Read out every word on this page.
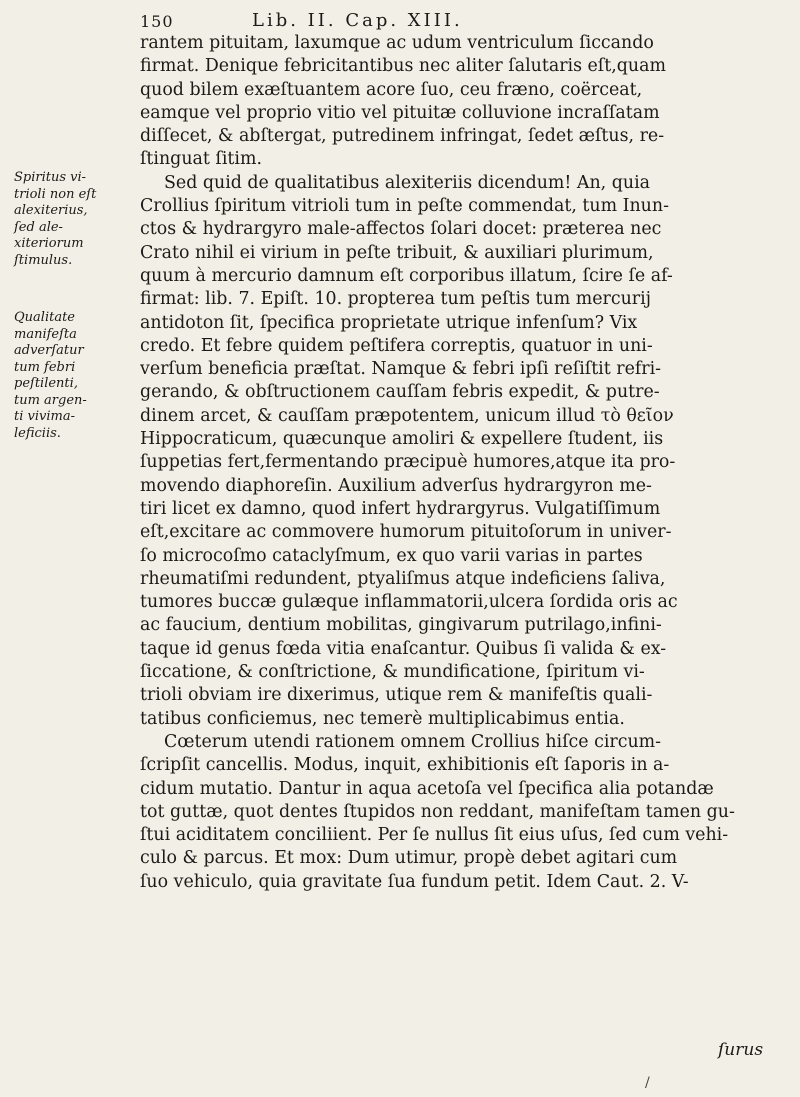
150	Lib. II. Cap. XIII.
rantem pituitam, laxumque ac udum ventriculum ſiccando
firmat. Denique febricitantibus nec aliter ſalutaris eſt,quam
quod bilem exæſtuantem acore ſuo, ceu fræno, coërceat,
eamque vel proprio vitio vel pituitæ colluvione incraſſatam
diſſecet, & abſtergat, putredinem infringat, ſedet æſtus, re-
ſtinguat ſitim.
Sed quid de qualitatibus alexiteriis dicendum! An, quia
Crollius ſpiritum vitrioli tum in peſte commendat, tum Inun-
ctos & hydrargyro male-affectos ſolari docet: præterea nec
Crato nihil ei virium in peſte tribuit, & auxiliari plurimum,
quum à mercurio damnum eſt corporibus illatum, ſcire ſe af-
firmat: lib. 7. Epiſt. 10. propterea tum peſtis tum mercurij
antidoton ſit, ſpecifica proprietate utrique infenſum? Vix
credo. Et febre quidem peſtifera correptis, quatuor in uni-
verſum beneficia præſtat. Namque & febri ipſi reſiſtit refri-
gerando, & obſtructionem cauſſam febris expedit, & putre-
dinem arcet, & cauſſam præpotentem, unicum illud τὸ θεῖον
Hippocraticum, quæcunque amoliri & expellere ſtudent, iis
ſuppetias fert,fermentando præcipuè humores,atque ita pro-
movendo diaphoreſin. Auxilium adverſus hydrargyron me-
tiri licet ex damno, quod infert hydrargyrus. Vulgatiſſimum
eſt,excitare ac commovere humorum pituitoſorum in univer-
ſo microcoſmo cataclyſmum, ex quo varii varias in partes
rheumatiſmi redundent, ptyaliſmus atque indeficiens ſaliva,
tumores buccæ gulæque inflammatorii,ulcera ſordida oris ac
ac faucium, dentium mobilitas, gingivarum putrilago,infini-
taque id genus fœda vitia enaſcantur. Quibus ſi valida & ex-
ſiccatione, & conſtrictione, & mundificatione, ſpiritum vi-
trioli obviam ire dixerimus, utique rem & manifeſtis quali-
tatibus conficiemus, nec temerè multiplicabimus entia.
Cœterum utendi rationem omnem Crollius hiſce circum-
ſcripſit cancellis. Modus, inquit, exhibitionis eſt ſaporis in a-
cidum mutatio. Dantur in aqua acetoſa vel ſpecifica alia potandæ
tot guttæ, quot dentes ſtupidos non reddant, manifeſtam tamen gu-
ſtui aciditatem conciliient. Per ſe nullus ſit eius uſus, ſed cum vehi-
culo & parcus. Et mox: Dum utimur, propè debet agitari cum
ſuo vehiculo, quia gravitate ſua fundum petit. Idem Caut. 2. V-
Spiritus vi-
trioli non eſt
alexiterius,
ſed ale-
xiteriorum
ſtimulus.
Qualitate
manifeſta
adverſatur
tum febri
peſtilenti,
tum argen-
ti vivima-
leficiis.
ſurus
/
